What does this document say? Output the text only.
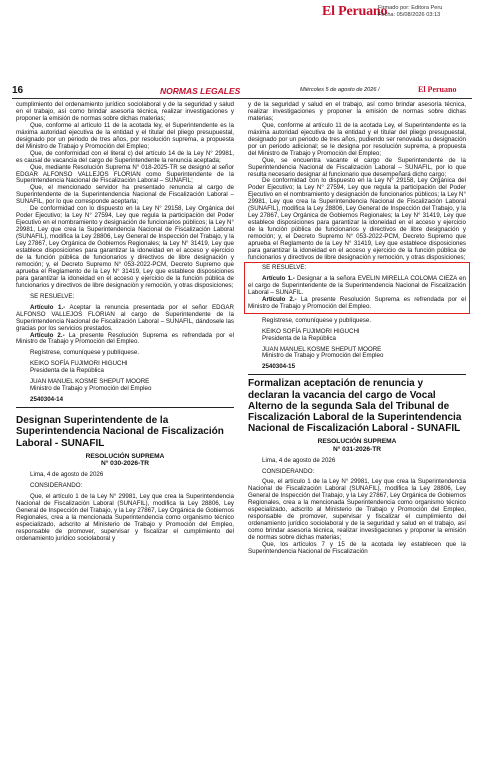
El Peruano
Firmado por: Editora Peru
Fecha: 05/08/2026 03:13
16	NORMAS LEGALES	Miércoles 5 de agosto de 2026 /	El Peruano

cumplimiento del ordenamiento jurídico sociolaboral y de la seguridad y salud en el trabajo, así como brindar asesoría técnica, realizar investigaciones y proponer la emisión de normas sobre dichas materias;

Que, conforme al artículo 11 de la acotada ley, el Superintendente es la máxima autoridad ejecutiva de la entidad y el titular del pliego presupuestal, designado por un periodo de tres años, por resolución suprema, a propuesta del Ministro de Trabajo y Promoción del Empleo;

Que, de conformidad con el literal c) del artículo 14 de la Ley N° 29981, es causal de vacancia del cargo de Superintendente la renuncia aceptada;

Que, mediante Resolución Suprema N° 018-2025-TR se designó al señor EDGAR ALFONSO VALLEJOS FLORIAN como Superintendente de la Superintendencia Nacional de Fiscalización Laboral – SUNAFIL;

Que, el mencionado servidor ha presentado renuncia al cargo de Superintendente de la Superintendencia Nacional de Fiscalización Laboral – SUNAFIL, por lo que corresponde aceptarla;

De conformidad con lo dispuesto en la Ley N° 29158, Ley Orgánica del Poder Ejecutivo; la Ley N° 27594, Ley que regula la participación del Poder Ejecutivo en el nombramiento y designación de funcionarios públicos; la Ley N° 29981, Ley que crea la Superintendencia Nacional de Fiscalización Laboral (SUNAFIL), modifica la Ley 28806, Ley General de Inspección del Trabajo, y la Ley 27867, Ley Orgánica de Gobiernos Regionales; la Ley N° 31419, Ley que establece disposiciones para garantizar la idoneidad en el acceso y ejercicio de la función pública de funcionarios y directivos de libre designación y remoción; y, el Decreto Supremo N° 053-2022-PCM, Decreto Supremo que aprueba el Reglamento de la Ley N° 31419, Ley que establece disposiciones para garantizar la idoneidad en el acceso y ejercicio de la función pública de funcionarios y directivos de libre designación y remoción, y otras disposiciones;

SE RESUELVE:

Artículo 1.- Aceptar la renuncia presentada por el señor EDGAR ALFONSO VALLEJOS FLORIAN al cargo de Superintendente de la Superintendencia Nacional de Fiscalización Laboral – SUNAFIL, dándosele las gracias por los servicios prestados.

Artículo 2.- La presente Resolución Suprema es refrendada por el Ministro de Trabajo y Promoción del Empleo.

Regístrese, comuníquese y publíquese.

KEIKO SOFÍA FUJIMORI HIGUCHI

Presidenta de la República

JUAN MANUEL KOSME SHEPUT MOORE

Ministro de Trabajo y Promoción del Empleo

2540304-14

Designan Superintendente de la Superintendencia Nacional de Fiscalización Laboral - SUNAFIL

RESOLUCIÓN SUPREMA

N° 030-2026-TR

Lima, 4 de agosto de 2026

CONSIDERANDO:

Que, el artículo 1 de la Ley N° 29981, Ley que crea la Superintendencia Nacional de Fiscalización Laboral (SUNAFIL), modifica la Ley 28806, Ley General de Inspección del Trabajo, y la Ley 27867, Ley Orgánica de Gobiernos Regionales, crea a la mencionada Superintendencia como organismo técnico especializado, adscrito al Ministerio de Trabajo y Promoción del Empleo, responsable de promover, supervisar y fiscalizar el cumplimiento del ordenamiento jurídico sociolaboral y

y de la seguridad y salud en el trabajo, así como brindar asesoría técnica, realizar investigaciones y proponer la emisión de normas sobre dichas materias;

Que, conforme al artículo 11 de la acotada Ley, el Superintendente es la máxima autoridad ejecutiva de la entidad y el titular del pliego presupuestal, designado por un periodo de tres años, pudiendo ser renovada su designación por un periodo adicional; se le designa por resolución suprema, a propuesta del Ministro de Trabajo y Promoción del Empleo;

Que, se encuentra vacante el cargo de Superintendente de la Superintendencia Nacional de Fiscalización Laboral – SUNAFIL, por lo que resulta necesario designar al funcionario que desempeñará dicho cargo;

De conformidad con lo dispuesto en la Ley N° 29158, Ley Orgánica del Poder Ejecutivo; la Ley N° 27594, Ley que regula la participación del Poder Ejecutivo en el nombramiento y designación de funcionarios públicos; la Ley N° 29981, Ley que crea la Superintendencia Nacional de Fiscalización Laboral (SUNAFIL), modifica la Ley 28806, Ley General de Inspección del Trabajo, y la Ley 27867, Ley Orgánica de Gobiernos Regionales; la Ley N° 31419, Ley que establece disposiciones para garantizar la idoneidad en el acceso y ejercicio de la función pública de funcionarios y directivos de libre designación y remoción; y, el Decreto Supremo N° 053-2022-PCM, Decreto Supremo que aprueba el Reglamento de la Ley N° 31419, Ley que establece disposiciones para garantizar la idoneidad en el acceso y ejercicio de la función pública de funcionarios y directivos de libre designación y remoción, y otras disposiciones;

SE RESUELVE:

Artículo 1.- Designar a la señora EVELIN MIRELLA COLOMA CIEZA en el cargo de Superintendente de la Superintendencia Nacional de Fiscalización Laboral – SUNAFIL.

Artículo 2.- La presente Resolución Suprema es refrendada por el Ministro de Trabajo y Promoción del Empleo.

Regístrese, comuníquese y publíquese.

KEIKO SOFÍA FUJIMORI HIGUCHI

Presidenta de la República

JUAN MANUEL KOSME SHEPUT MOORE

Ministro de Trabajo y Promoción del Empleo

2540304-15

Formalizan aceptación de renuncia y declaran la vacancia del cargo de Vocal Alterno de la segunda Sala del Tribunal de Fiscalización Laboral de la Superintendencia Nacional de Fiscalización Laboral - SUNAFIL

RESOLUCIÓN SUPREMA

N° 031-2026-TR

Lima, 4 de agosto de 2026

CONSIDERANDO:

Que, el artículo 1 de la Ley N° 29981, Ley que crea la Superintendencia Nacional de Fiscalización Laboral (SUNAFIL), modifica la Ley 28806, Ley General de Inspección del Trabajo, y la Ley 27867, Ley Orgánica de Gobiernos Regionales, crea a la mencionada Superintendencia como organismo técnico especializado, adscrito al Ministerio de Trabajo y Promoción del Empleo, responsable de promover, supervisar y fiscalizar el cumplimiento del ordenamiento jurídico sociolaboral y de la seguridad y salud en el trabajo, así como brindar asesoría técnica, realizar investigaciones y proponer la emisión de normas sobre dichas materias;

Que, los artículos 7 y 15 de la acotada ley establecen que la Superintendencia Nacional de Fiscalización
